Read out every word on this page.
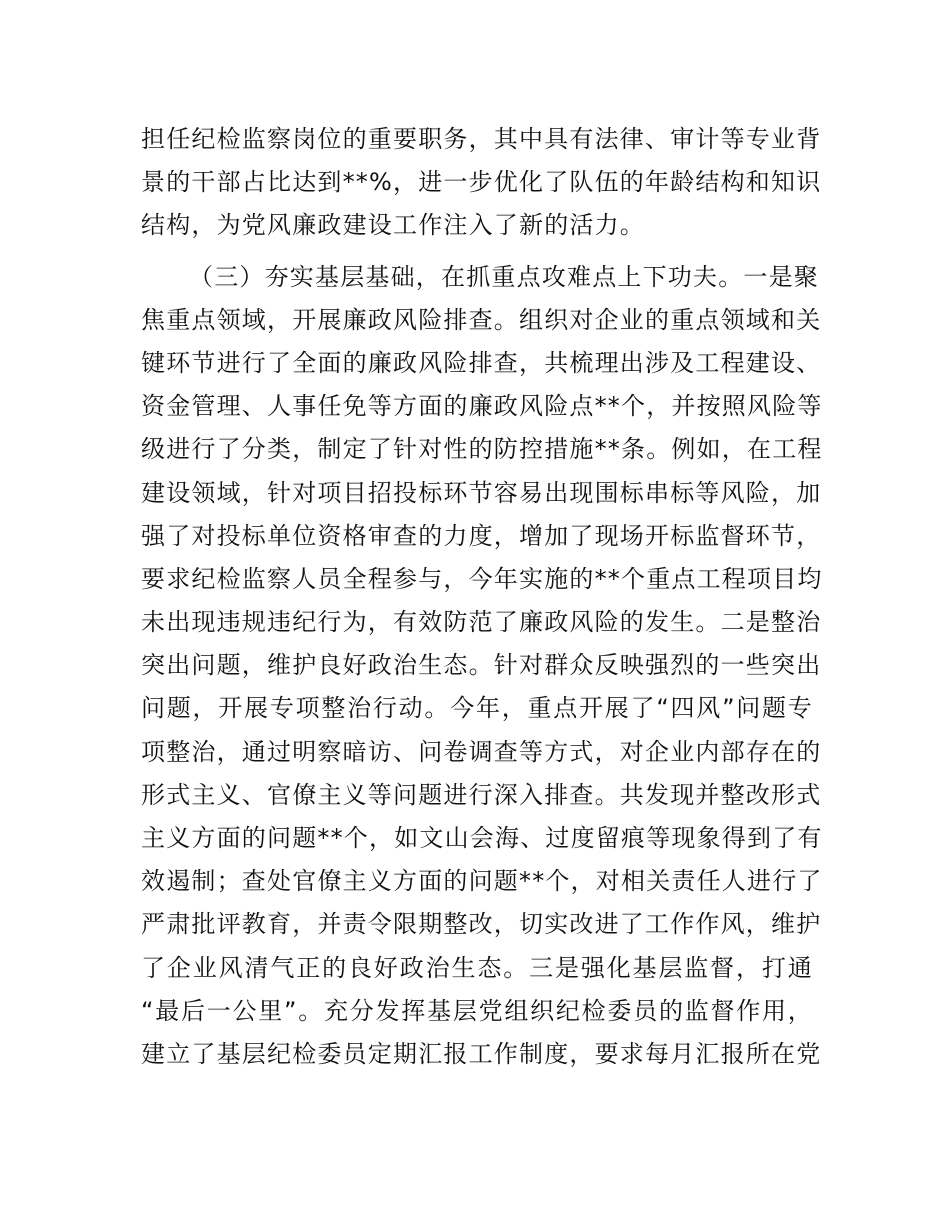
担任纪检监察岗位的重要职务，其中具有法律、审计等专业背
景的干部占比达到**%，进一步优化了队伍的年龄结构和知识
结构，为党风廉政建设工作注入了新的活力。
（三）夯实基层基础，在抓重点攻难点上下功夫。一是聚
焦重点领域，开展廉政风险排查。组织对企业的重点领域和关
键环节进行了全面的廉政风险排查，共梳理出涉及工程建设、
资金管理、人事任免等方面的廉政风险点**个，并按照风险等
级进行了分类，制定了针对性的防控措施**条。例如，在工程
建设领域，针对项目招投标环节容易出现围标串标等风险，加
强了对投标单位资格审查的力度，增加了现场开标监督环节，
要求纪检监察人员全程参与，今年实施的**个重点工程项目均
未出现违规违纪行为，有效防范了廉政风险的发生。二是整治
突出问题，维护良好政治生态。针对群众反映强烈的一些突出
问题，开展专项整治行动。今年，重点开展了“四风”问题专
项整治，通过明察暗访、问卷调查等方式，对企业内部存在的
形式主义、官僚主义等问题进行深入排查。共发现并整改形式
主义方面的问题**个，如文山会海、过度留痕等现象得到了有
效遏制；查处官僚主义方面的问题**个，对相关责任人进行了
严肃批评教育，并责令限期整改，切实改进了工作作风，维护
了企业风清气正的良好政治生态。三是强化基层监督，打通
“最后一公里”。充分发挥基层党组织纪检委员的监督作用，
建立了基层纪检委员定期汇报工作制度，要求每月汇报所在党
